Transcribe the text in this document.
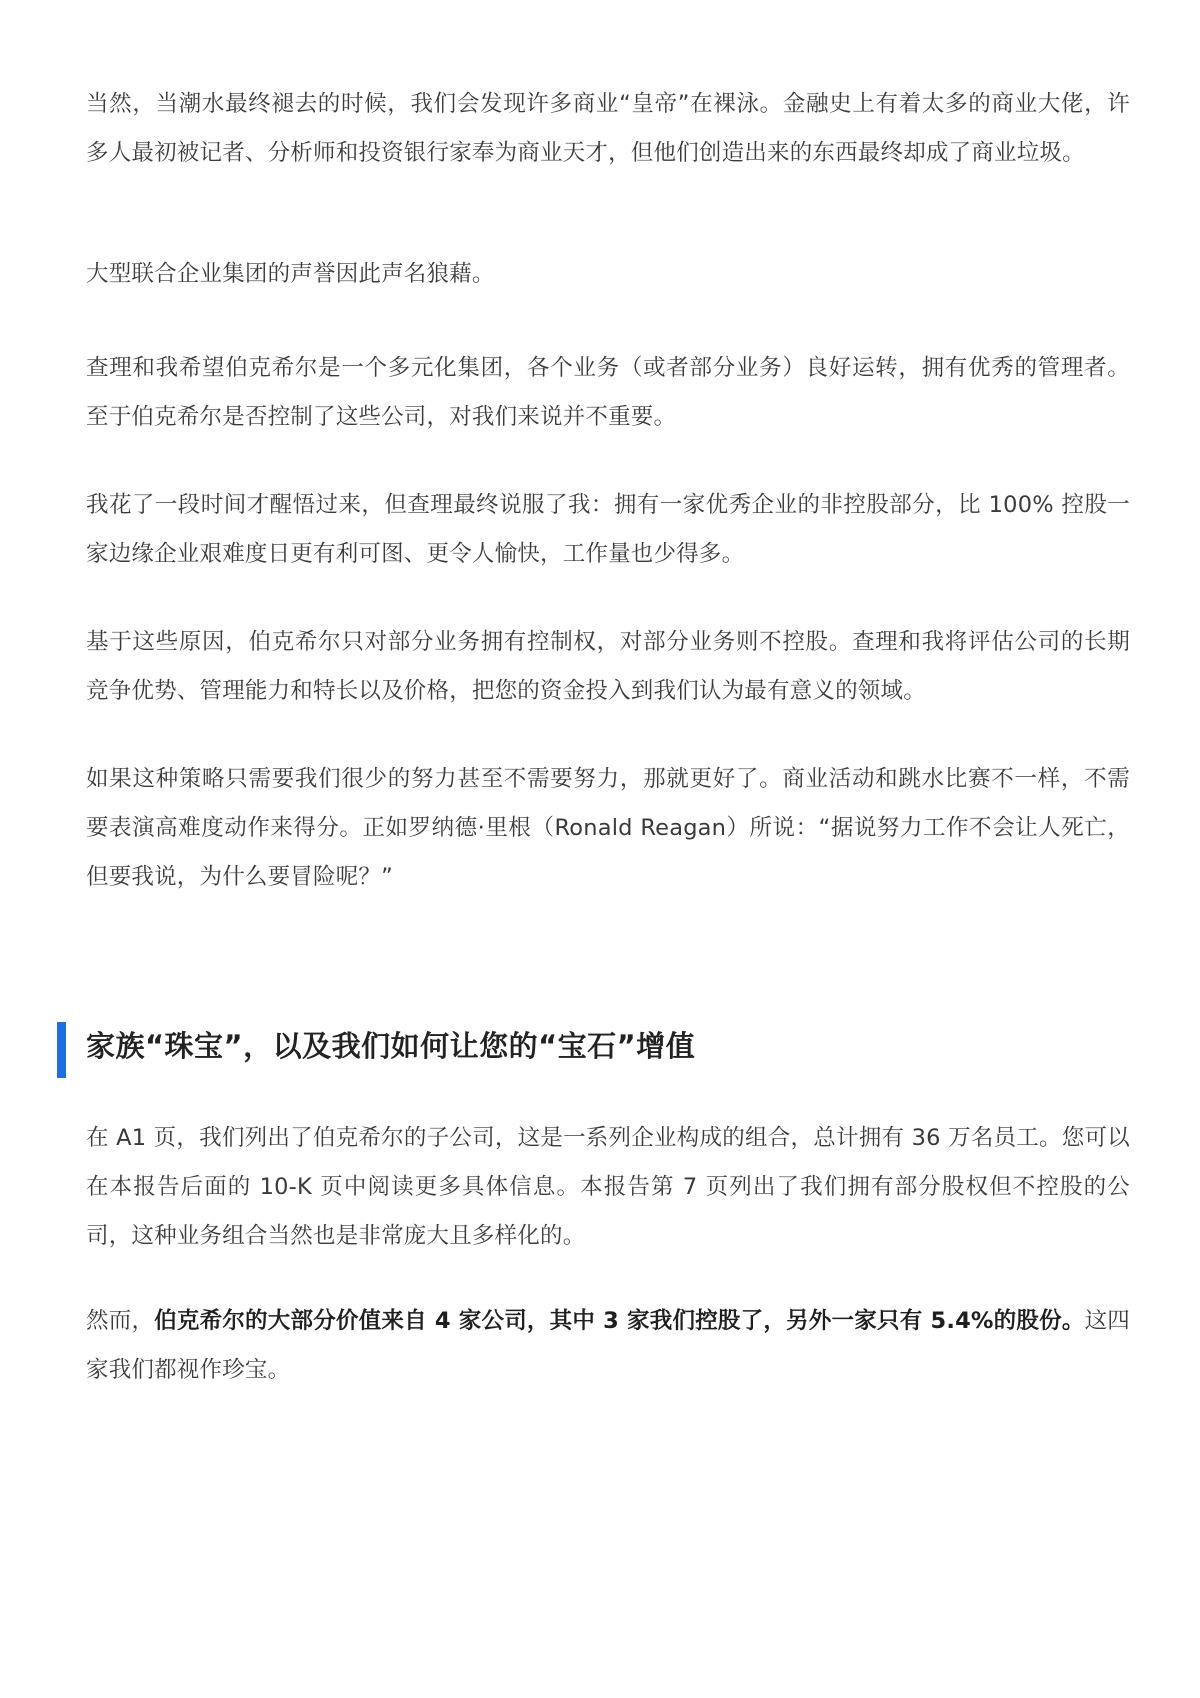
当然，当潮水最终褪去的时候，我们会发现许多商业“皇帝”在裸泳。金融史上有着太多的商业大佬，许多人最初被记者、分析师和投资银行家奉为商业天才，但他们创造出来的东西最终却成了商业垃圾。

大型联合企业集团的声誉因此声名狼藉。

查理和我希望伯克希尔是一个多元化集团，各个业务（或者部分业务）良好运转，拥有优秀的管理者。至于伯克希尔是否控制了这些公司，对我们来说并不重要。

我花了一段时间才醒悟过来，但查理最终说服了我：拥有一家优秀企业的非控股部分，比 100% 控股一家边缘企业艰难度日更有利可图、更令人愉快，工作量也少得多。

基于这些原因，伯克希尔只对部分业务拥有控制权，对部分业务则不控股。查理和我将评估公司的长期竞争优势、管理能力和特长以及价格，把您的资金投入到我们认为最有意义的领域。

如果这种策略只需要我们很少的努力甚至不需要努力，那就更好了。商业活动和跳水比赛不一样，不需要表演高难度动作来得分。正如罗纳德·里根（Ronald Reagan）所说：“据说努力工作不会让人死亡，但要我说，为什么要冒险呢？”

家族“珠宝”，以及我们如何让您的“宝石”增值

在 A1 页，我们列出了伯克希尔的子公司，这是一系列企业构成的组合，总计拥有 36 万名员工。您可以在本报告后面的 10-K 页中阅读更多具体信息。本报告第 7 页列出了我们拥有部分股权但不控股的公司，这种业务组合当然也是非常庞大且多样化的。

然而，伯克希尔的大部分价值来自 4 家公司，其中 3 家我们控股了，另外一家只有 5.4%的股份。这四家我们都视作珍宝。
